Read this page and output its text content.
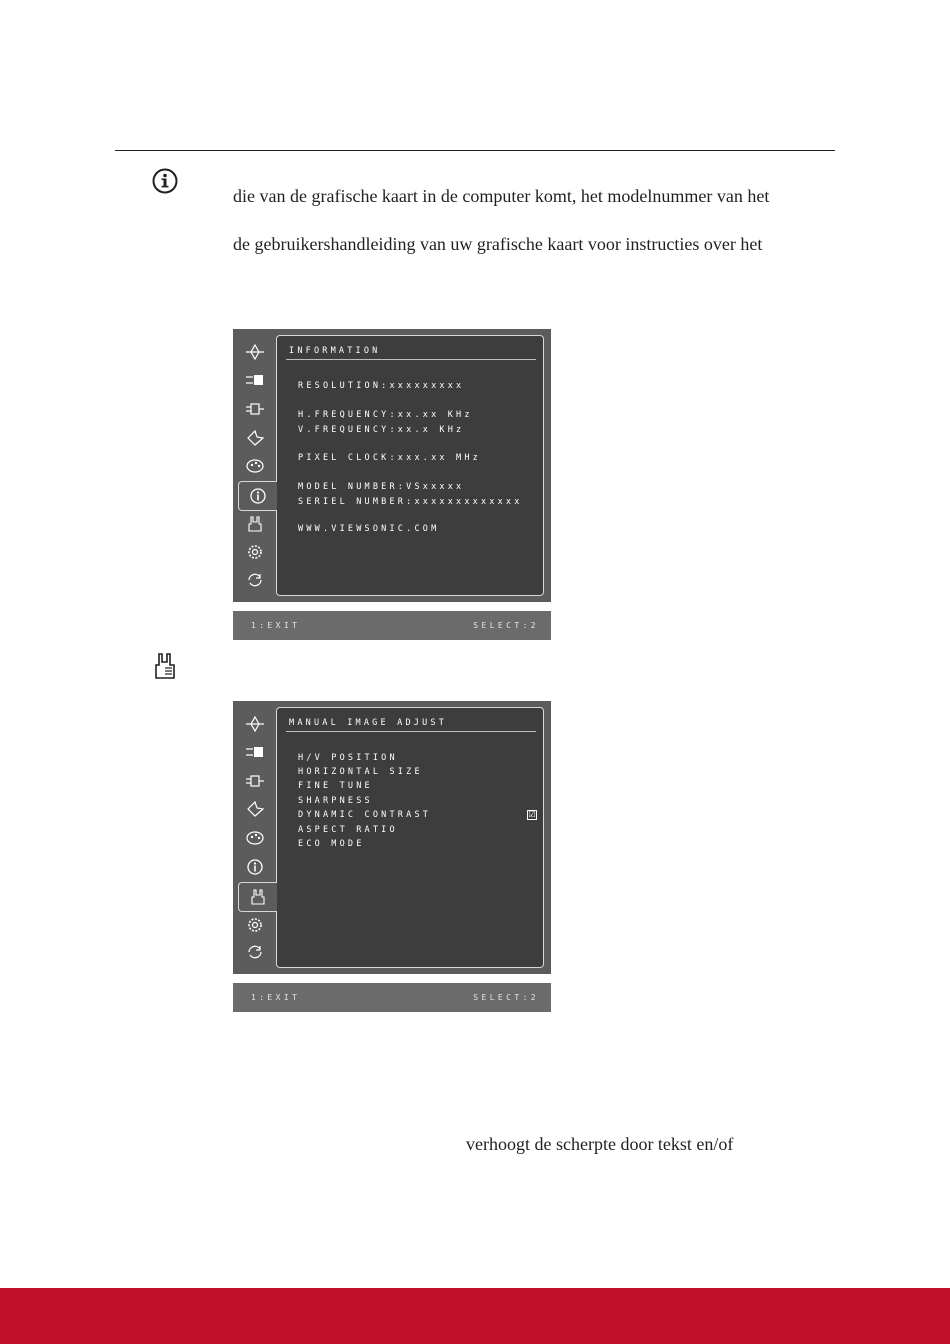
die van de grafische kaart in de computer komt, het modelnummer van het
de gebruikershandleiding van uw grafische kaart voor instructies over het
INFORMATION
RESOLUTION:xxxxxxxxx
H.FREQUENCY:xx.xx KHz
V.FREQUENCY:xx.x KHz
PIXEL CLOCK:xxx.xx MHz
MODEL NUMBER:VSxxxxx
SERIEL NUMBER:xxxxxxxxxxxxx
WWW.VIEWSONIC.COM
1:EXIT	SELECT:2
MANUAL IMAGE ADJUST
H/V POSITION
HORIZONTAL SIZE
FINE TUNE
SHARPNESS
DYNAMIC CONTRAST	☑
ASPECT RATIO
ECO MODE
1:EXIT	SELECT:2
verhoogt de scherpte door tekst en/of
